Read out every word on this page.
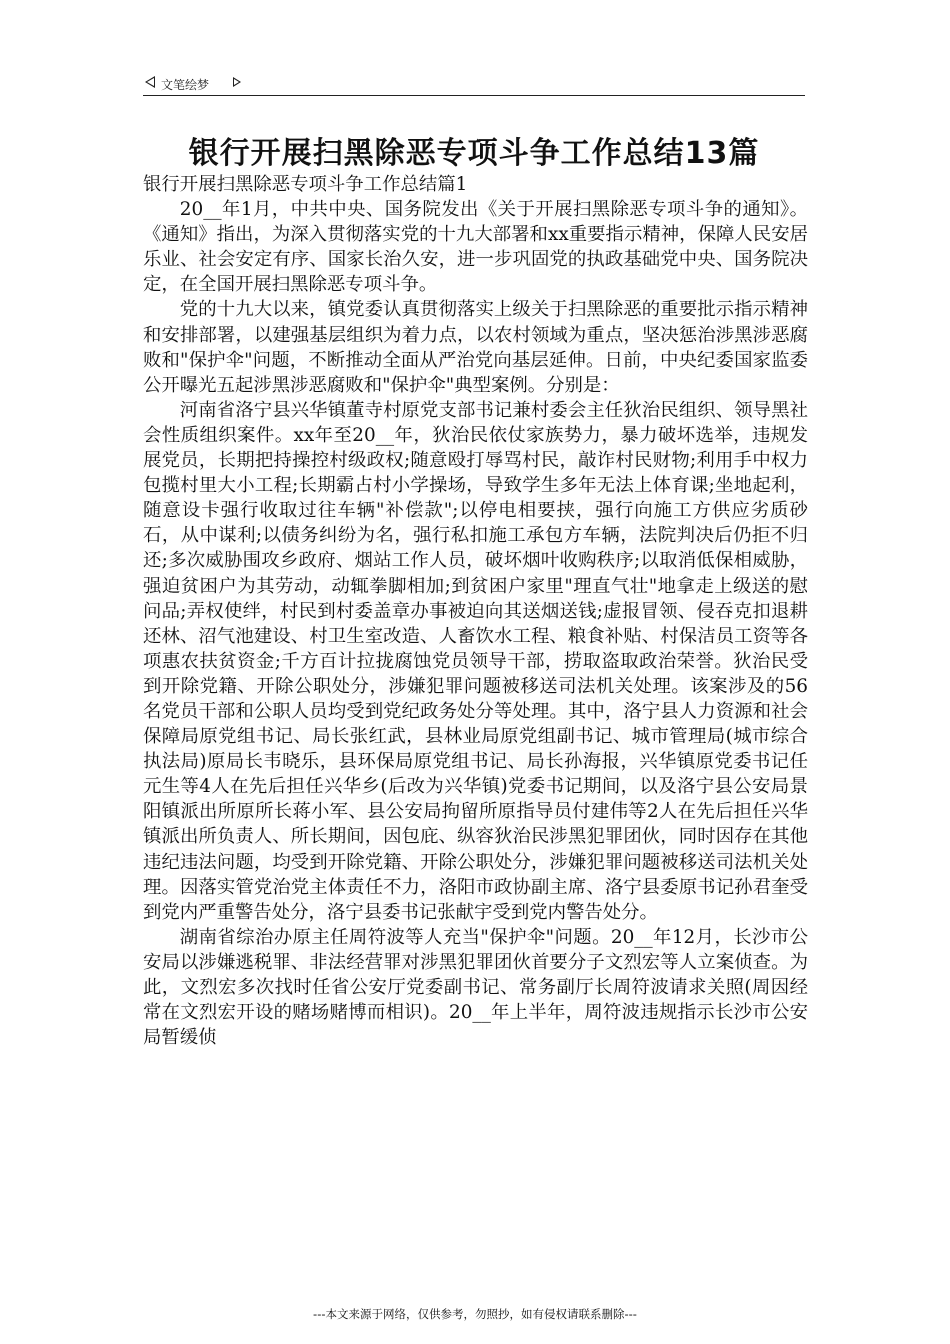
文笔绘梦
银行开展扫黑除恶专项斗争工作总结13篇

银行开展扫黑除恶专项斗争工作总结篇1

20__年1月，中共中央、国务院发出《关于开展扫黑除恶专项斗争的通知》。《通知》指出，为深入贯彻落实党的十九大部署和xx重要指示精神，保障人民安居乐业、社会安定有序、国家长治久安，进一步巩固党的执政基础党中央、国务院决定，在全国开展扫黑除恶专项斗争。

党的十九大以来，镇党委认真贯彻落实上级关于扫黑除恶的重要批示指示精神和安排部署，以建强基层组织为着力点，以农村领域为重点，坚决惩治涉黑涉恶腐败和"保护伞"问题，不断推动全面从严治党向基层延伸。日前，中央纪委国家监委公开曝光五起涉黑涉恶腐败和"保护伞"典型案例。分别是：

河南省洛宁县兴华镇董寺村原党支部书记兼村委会主任狄治民组织、领导黑社会性质组织案件。xx年至20__年，狄治民依仗家族势力，暴力破坏选举，违规发展党员，长期把持操控村级政权;随意殴打辱骂村民，敲诈村民财物;利用手中权力包揽村里大小工程;长期霸占村小学操场，导致学生多年无法上体育课;坐地起利，随意设卡强行收取过往车辆"补偿款";以停电相要挟，强行向施工方供应劣质砂石，从中谋利;以债务纠纷为名，强行私扣施工承包方车辆，法院判决后仍拒不归还;多次威胁围攻乡政府、烟站工作人员，破坏烟叶收购秩序;以取消低保相威胁，强迫贫困户为其劳动，动辄拳脚相加;到贫困户家里"理直气壮"地拿走上级送的慰问品;弄权使绊，村民到村委盖章办事被迫向其送烟送钱;虚报冒领、侵吞克扣退耕还林、沼气池建设、村卫生室改造、人畜饮水工程、粮食补贴、村保洁员工资等各项惠农扶贫资金;千方百计拉拢腐蚀党员领导干部，捞取盗取政治荣誉。狄治民受到开除党籍、开除公职处分，涉嫌犯罪问题被移送司法机关处理。该案涉及的56名党员干部和公职人员均受到党纪政务处分等处理。其中，洛宁县人力资源和社会保障局原党组书记、局长张红武，县林业局原党组副书记、城市管理局(城市综合执法局)原局长韦晓乐，县环保局原党组书记、局长孙海报，兴华镇原党委书记任元生等4人在先后担任兴华乡(后改为兴华镇)党委书记期间，以及洛宁县公安局景阳镇派出所原所长蒋小军、县公安局拘留所原指导员付建伟等2人在先后担任兴华镇派出所负责人、所长期间，因包庇、纵容狄治民涉黑犯罪团伙，同时因存在其他违纪违法问题，均受到开除党籍、开除公职处分，涉嫌犯罪问题被移送司法机关处理。因落实管党治党主体责任不力，洛阳市政协副主席、洛宁县委原书记孙君奎受到党内严重警告处分，洛宁县委书记张献宇受到党内警告处分。

湖南省综治办原主任周符波等人充当"保护伞"问题。20__年12月，长沙市公安局以涉嫌逃税罪、非法经营罪对涉黑犯罪团伙首要分子文烈宏等人立案侦查。为此，文烈宏多次找时任省公安厅党委副书记、常务副厅长周符波请求关照(周因经常在文烈宏开设的赌场赌博而相识)。20__年上半年，周符波违规指示长沙市公安局暂缓侦

---本文来源于网络，仅供参考，勿照抄，如有侵权请联系删除---
